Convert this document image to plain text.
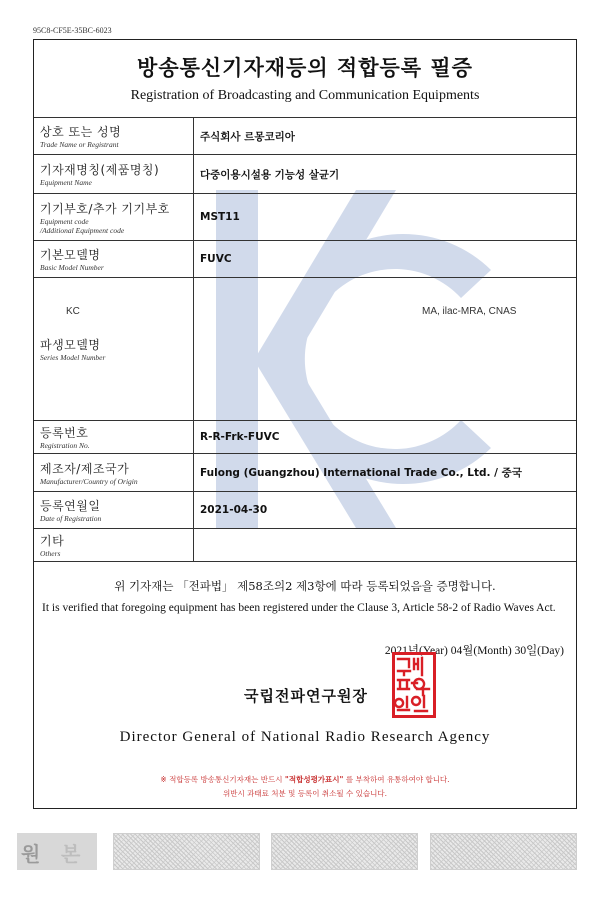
95C8-CF5E-35BC-6023
방송통신기자재등의 적합등록 필증
Registration of Broadcasting and Communication Equipments
상호 또는 성명
Trade Name or Registrant	주식회사 르몽코리아

기자재명칭(제품명칭)
Equipment Name	다중이용시설용 기능성 살균기

기기부호/추가 기기부호
Equipment code
/Additional Equipment code	MST11

기본모델명
Basic Model Number	FUVC

KC
파생모델명
Series Model Number	MA, ilac-MRA, CNAS

등록번호
Registration No.	R-R-Frk-FUVC

제조자/제조국가
Manufacturer/Country of Origin	Fulong (Guangzhou) International Trade Co., Ltd. / 중국

등록연월일
Date of Registration	2021-04-30

기타
Others	

위 기자재는 「전파법」 제58조의2 제3항에 따라 등록되었음을 증명합니다.
It is verified that foregoing equipment has been registered under the Clause 3, Article 58-2 of Radio Waves Act.
2021년(Year) 04월(Month) 30일(Day)
국립전파연구원장
Director General of National Radio Research Agency
※ 적합등록 방송통신기자재는 반드시 "적합성평가표시" 를 부착하여 유통하여야 합니다.
위반시 과태료 처분 및 등록이 취소될 수 있습니다.
원 본
